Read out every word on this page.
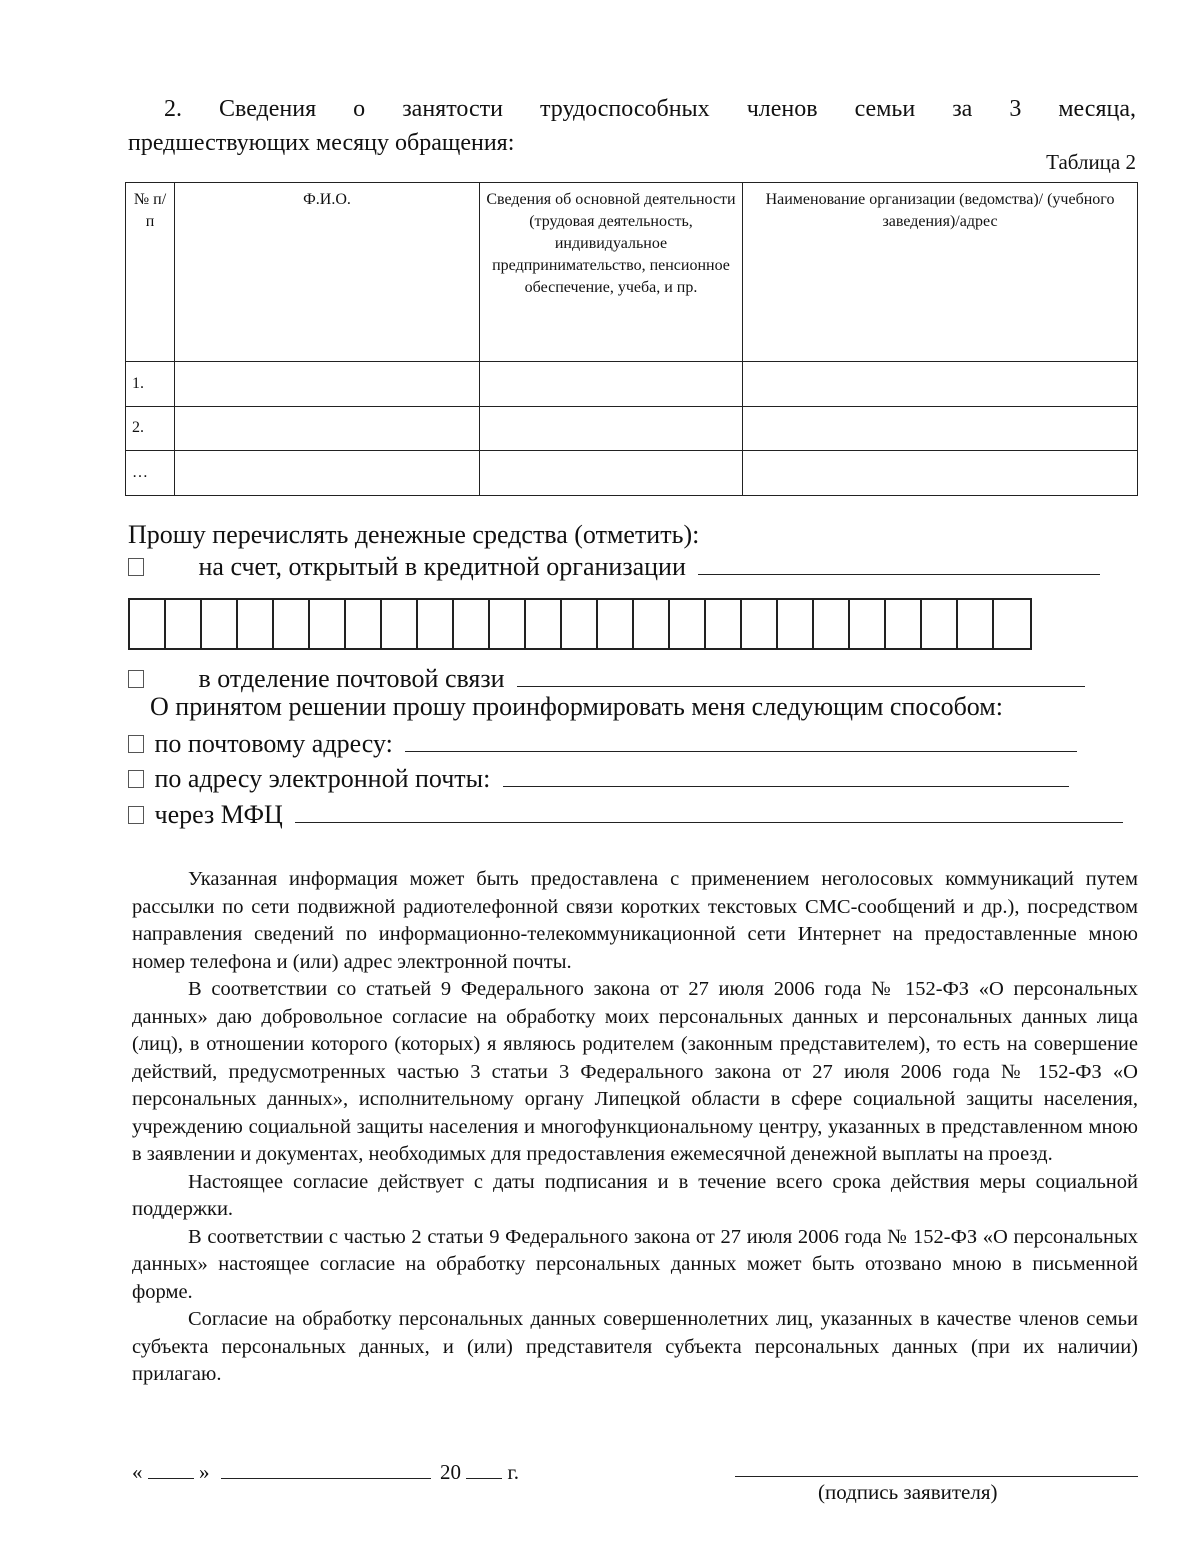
2. Сведения о занятости трудоспособных членов семьи за 3 месяца,
предшествующих месяцу обращения:
Таблица 2
№ п/п	Ф.И.О.	Сведения об основной деятельности (трудовая деятельность, индивидуальное предпринимательство, пенсионное обеспечение, учеба, и пр.	Наименование организации (ведомства)/ (учебного заведения)/адрес
1.			
2.			
…			
Прошу перечислять денежные средства (отметить):
на счет, открытый в кредитной организации
в отделение почтовой связи
О принятом решении прошу проинформировать меня следующим способом:
по почтовому адресу:
по адресу электронной почты:
через МФЦ

Указанная информация может быть предоставлена с применением неголосовых коммуникаций путем рассылки по сети подвижной радиотелефонной связи коротких текстовых СМС-сообщений и др.), посредством направления сведений по информационно-телекоммуникационной сети Интернет на предоставленные мною номер телефона и (или) адрес электронной почты.

В соответствии со статьей 9 Федерального закона от 27 июля 2006 года № 152-ФЗ «О персональных данных» даю добровольное согласие на обработку моих персональных данных и персональных данных лица (лиц), в отношении которого (которых) я являюсь родителем (законным представителем), то есть на совершение действий, предусмотренных частью 3 статьи 3 Федерального закона от 27 июля 2006 года № 152-ФЗ «О персональных данных», исполнительному органу Липецкой области в сфере социальной защиты населения, учреждению социальной защиты населения и многофункциональному центру, указанных в представленном мною в заявлении и документах, необходимых для предоставления ежемесячной денежной выплаты на проезд.

Настоящее согласие действует с даты подписания и в течение всего срока действия меры социальной поддержки.

В соответствии с частью 2 статьи 9 Федерального закона от 27 июля 2006 года № 152-ФЗ «О персональных данных» настоящее согласие на обработку персональных данных может быть отозвано мною в письменной форме.

Согласие на обработку персональных данных совершеннолетних лиц, указанных в качестве членов семьи субъекта персональных данных, и (или) представителя субъекта персональных данных (при их наличии) прилагаю.

«	»	20 г.
(подпись заявителя)
